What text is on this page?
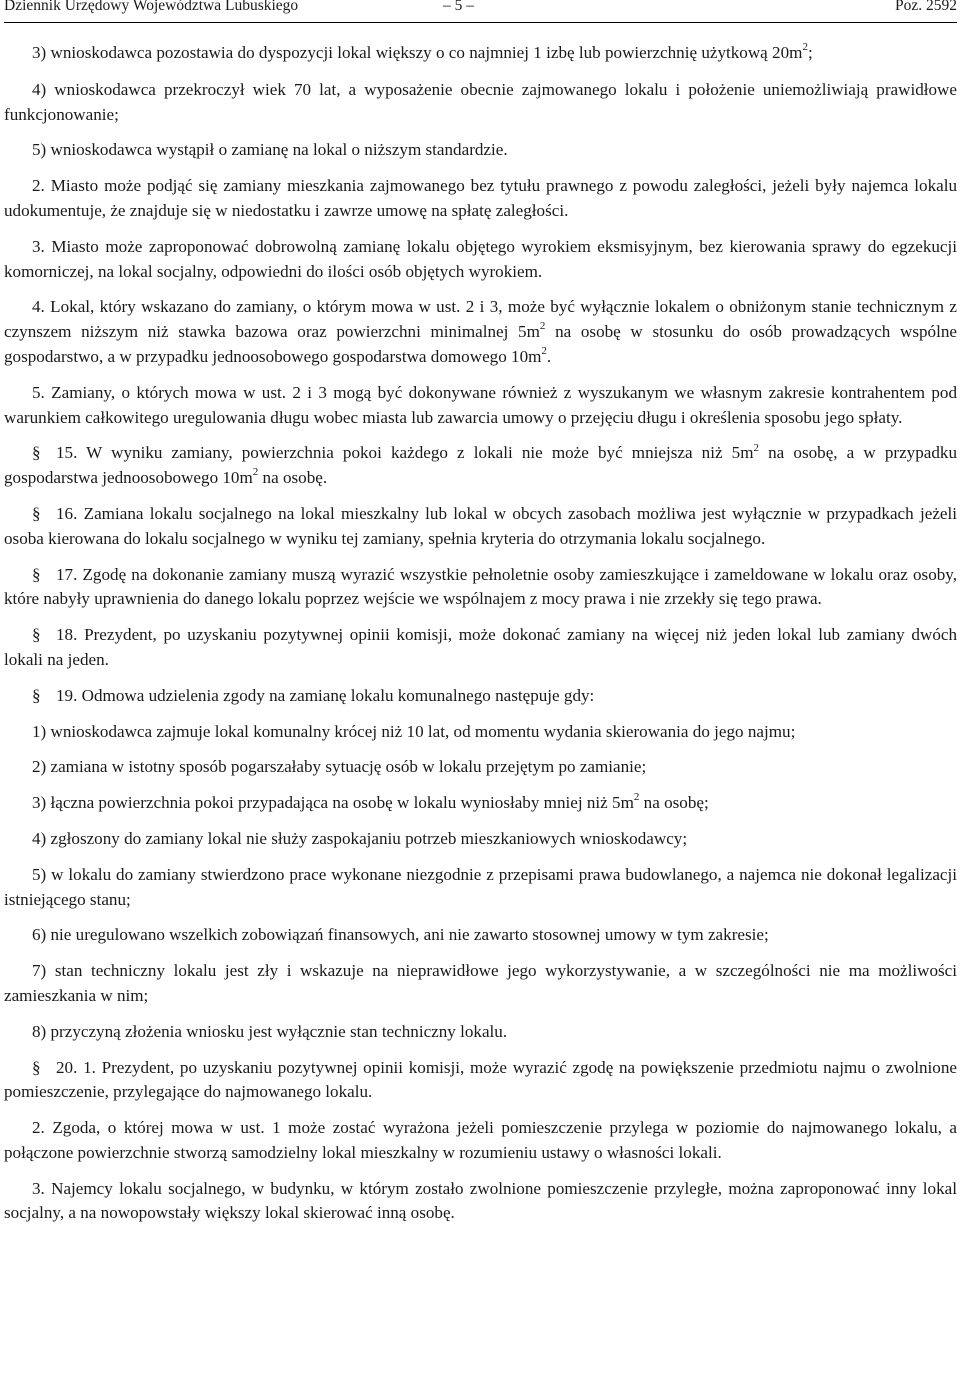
Dziennik Urzędowy Województwa Lubuskiego	– 5 –	Poz. 2592

3) wnioskodawca pozostawia do dyspozycji lokal większy o co najmniej 1 izbę lub powierzchnię użytkową $20m^2$;

4) wnioskodawca przekroczył wiek 70 lat, a wyposażenie obecnie zajmowanego lokalu i położenie uniemożliwiają prawidłowe funkcjonowanie;

5) wnioskodawca wystąpił o zamianę na lokal o niższym standardzie.

2. Miasto może podjąć się zamiany mieszkania zajmowanego bez tytułu prawnego z powodu zaległości, jeżeli były najemca lokalu udokumentuje, że znajduje się w niedostatku i zawrze umowę na spłatę zaległości.

3. Miasto może zaproponować dobrowolną zamianę lokalu objętego wyrokiem eksmisyjnym, bez kierowania sprawy do egzekucji komorniczej, na lokal socjalny, odpowiedni do ilości osób objętych wyrokiem.

4. Lokal, który wskazano do zamiany, o którym mowa w ust. 2 i 3, może być wyłącznie lokalem o obniżonym stanie technicznym z czynszem niższym niż stawka bazowa oraz powierzchni minimalnej $5m^2$ na osobę w stosunku do osób prowadzących wspólne gospodarstwo, a w przypadku jednoosobowego gospodarstwa domowego $10m^2$.

5. Zamiany, o których mowa w ust. 2 i 3 mogą być dokonywane również z wyszukanym we własnym zakresie kontrahentem pod warunkiem całkowitego uregulowania długu wobec miasta lub zawarcia umowy o przejęciu długu i określenia sposobu jego spłaty.

§ 15. W wyniku zamiany, powierzchnia pokoi każdego z lokali nie może być mniejsza niż $5m^2$ na osobę, a w przypadku gospodarstwa jednoosobowego $10m^2$ na osobę.

§ 16. Zamiana lokalu socjalnego na lokal mieszkalny lub lokal w obcych zasobach możliwa jest wyłącznie w przypadkach jeżeli osoba kierowana do lokalu socjalnego w wyniku tej zamiany, spełnia kryteria do otrzymania lokalu socjalnego.

§ 17. Zgodę na dokonanie zamiany muszą wyrazić wszystkie pełnoletnie osoby zamieszkujące i zameldowane w lokalu oraz osoby, które nabyły uprawnienia do danego lokalu poprzez wejście we wspólnajem z mocy prawa i nie zrzekły się tego prawa.

§ 18. Prezydent, po uzyskaniu pozytywnej opinii komisji, może dokonać zamiany na więcej niż jeden lokal lub zamiany dwóch lokali na jeden.

§ 19. Odmowa udzielenia zgody na zamianę lokalu komunalnego następuje gdy:

1) wnioskodawca zajmuje lokal komunalny krócej niż 10 lat, od momentu wydania skierowania do jego najmu;

2) zamiana w istotny sposób pogarszałaby sytuację osób w lokalu przejętym po zamianie;

3) łączna powierzchnia pokoi przypadająca na osobę w lokalu wyniosłaby mniej niż $5m^2$ na osobę;

4) zgłoszony do zamiany lokal nie służy zaspokajaniu potrzeb mieszkaniowych wnioskodawcy;

5) w lokalu do zamiany stwierdzono prace wykonane niezgodnie z przepisami prawa budowlanego, a najemca nie dokonał legalizacji istniejącego stanu;

6) nie uregulowano wszelkich zobowiązań finansowych, ani nie zawarto stosownej umowy w tym zakresie;

7) stan techniczny lokalu jest zły i wskazuje na nieprawidłowe jego wykorzystywanie, a w szczególności nie ma możliwości zamieszkania w nim;

8) przyczyną złożenia wniosku jest wyłącznie stan techniczny lokalu.

§ 20. 1. Prezydent, po uzyskaniu pozytywnej opinii komisji, może wyrazić zgodę na powiększenie przedmiotu najmu o zwolnione pomieszczenie, przylegające do najmowanego lokalu.

2. Zgoda, o której mowa w ust. 1 może zostać wyrażona jeżeli pomieszczenie przylega w poziomie do najmowanego lokalu, a połączone powierzchnie stworzą samodzielny lokal mieszkalny w rozumieniu ustawy o własności lokali.

3. Najemcy lokalu socjalnego, w budynku, w którym zostało zwolnione pomieszczenie przyległe, można zaproponować inny lokal socjalny, a na nowopowstały większy lokal skierować inną osobę.
